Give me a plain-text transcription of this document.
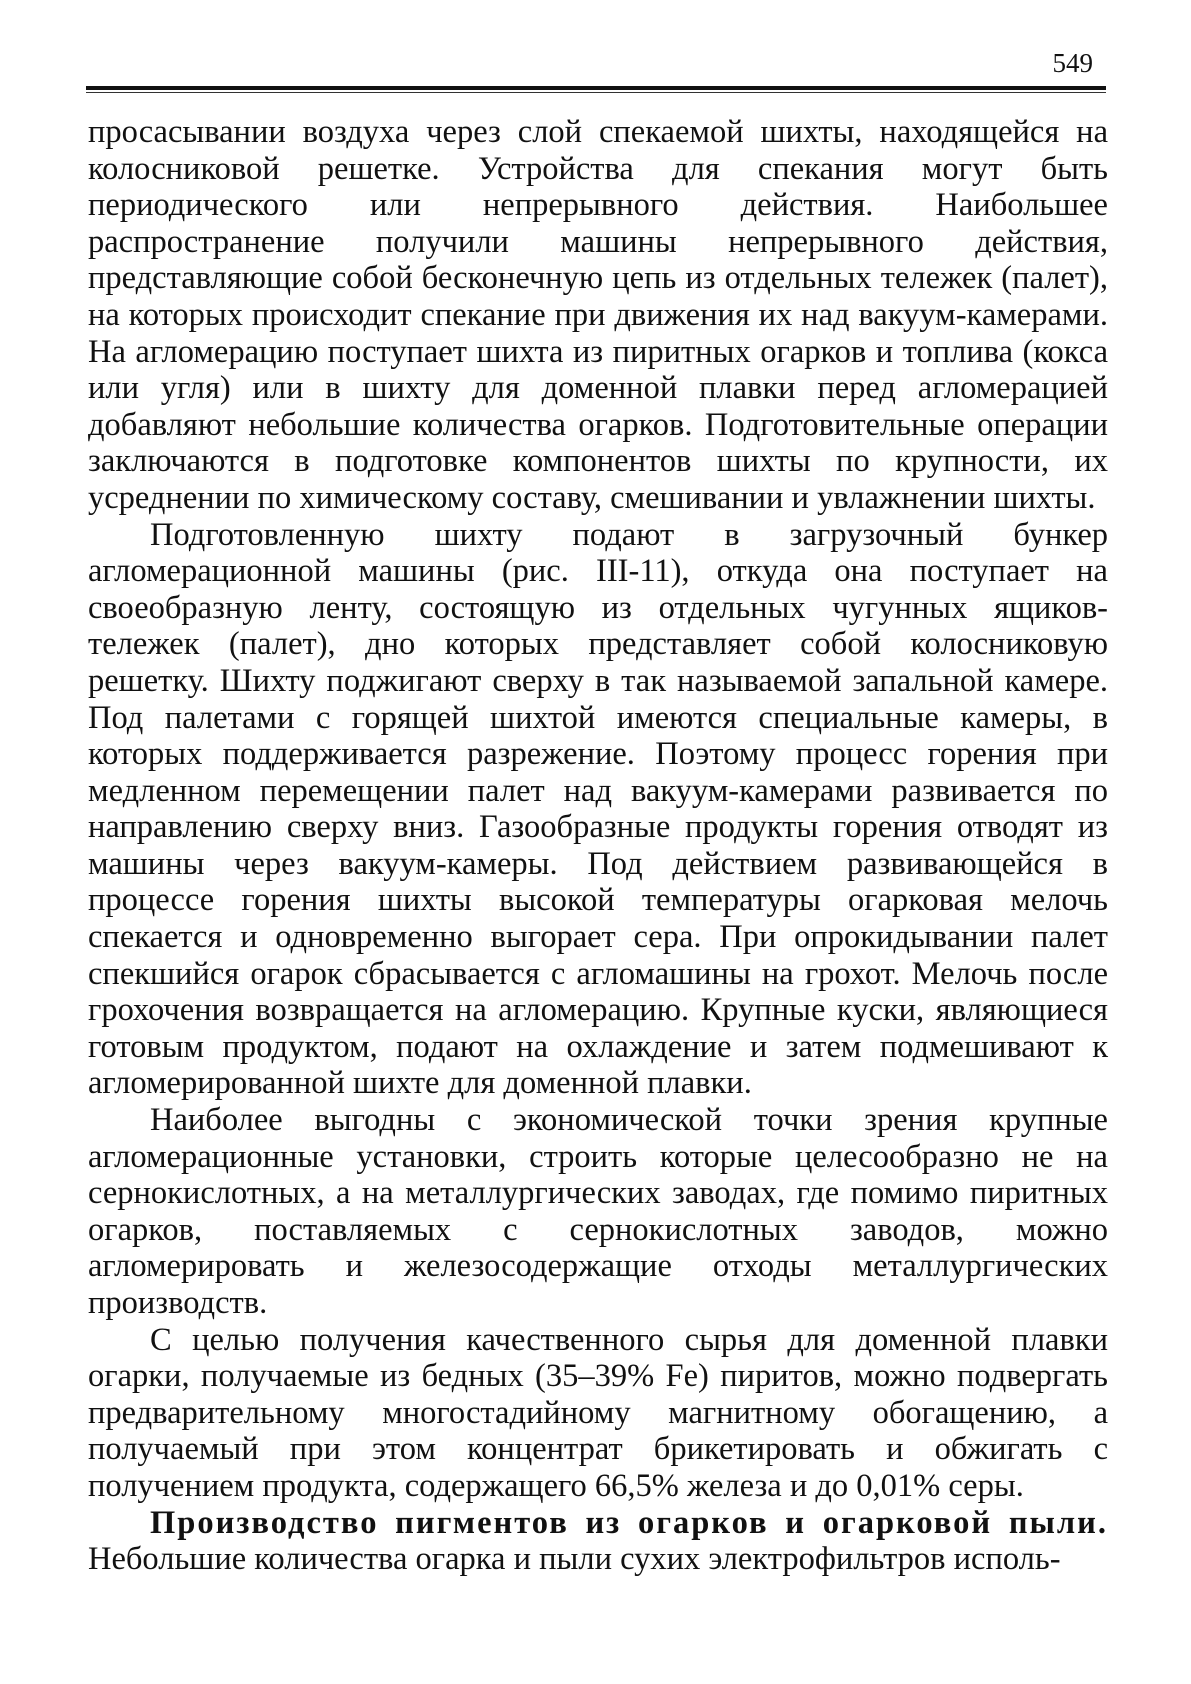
549

просасывании воздуха через слой спекаемой шихты, находящейся на колосниковой решетке. Устройства для спекания могут быть периодического или непрерывного действия. Наибольшее распространение получили машины непрерывного действия, представляющие собой бесконечную цепь из отдельных тележек (палет), на которых происходит спекание при движения их над вакуум-камерами. На агломерацию поступает шихта из пиритных огарков и топлива (кокса или угля) или в шихту для доменной плавки перед агломерацией добавляют небольшие количества огарков. Подготовительные операции заключаются в подготовке компонентов шихты по крупности, их усреднении по химическому составу, смешивании и увлажнении шихты.

Подготовленную шихту подают в загрузочный бункер агломерационной машины (рис. III-11), откуда она поступает на своеобразную ленту, состоящую из отдельных чугунных ящиков-тележек (палет), дно которых представляет собой колосниковую решетку. Шихту поджигают сверху в так называемой запальной камере. Под палетами с горящей шихтой имеются специальные камеры, в которых поддерживается разрежение. Поэтому процесс горения при медленном перемещении палет над вакуум-камерами развивается по направлению сверху вниз. Газообразные продукты горения отводят из машины через вакуум-камеры. Под действием развивающейся в процессе горения шихты высокой температуры огарковая мелочь спекается и одновременно выгорает сера. При опрокидывании палет спекшийся огарок сбрасывается с агломашины на грохот. Мелочь после грохочения возвращается на агломерацию. Крупные куски, являющиеся готовым продуктом, подают на охлаждение и затем подмешивают к агломерированной шихте для доменной плавки.

Наиболее выгодны с экономической точки зрения крупные агломерационные установки, строить которые целесообразно не на сернокислотных, а на металлургических заводах, где помимо пиритных огарков, поставляемых с сернокислотных заводов, можно агломерировать и железосодержащие отходы металлургических производств.

С целью получения качественного сырья для доменной плавки огарки, получаемые из бедных (35–39% Fe) пиритов, можно подвергать предварительному многостадийному магнитному обогащению, а получаемый при этом концентрат брикетировать и обжигать с получением продукта, содержащего 66,5% железа и до 0,01% серы.

Производство пигментов из огарков и огарковой пыли. Небольшие количества огарка и пыли сухих электрофильтров исполь-
